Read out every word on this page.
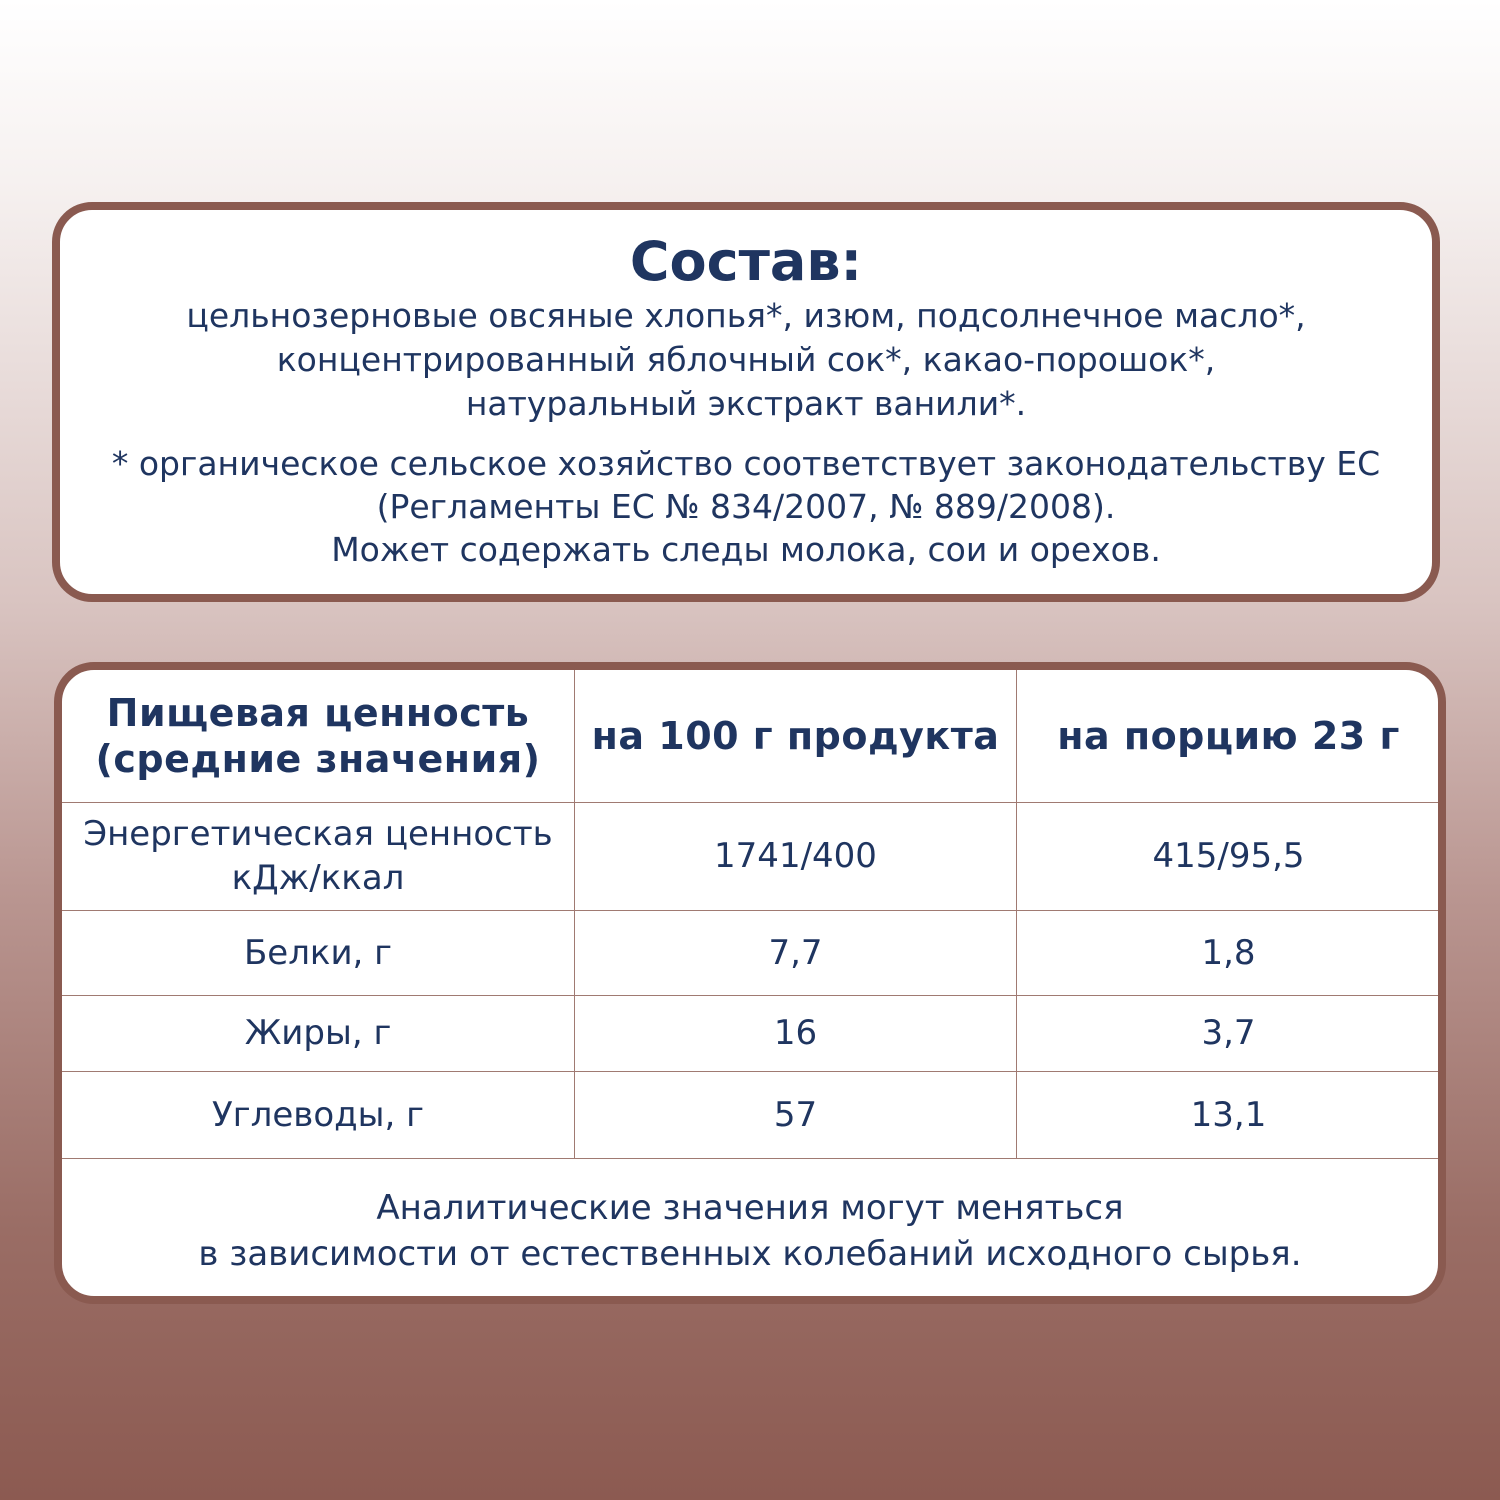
Состав:
цельнозерновые овсяные хлопья*, изюм, подсолнечное масло*,
концентрированный яблочный сок*, какао-порошок*,
натуральный экстракт ванили*.
* органическое сельское хозяйство соответствует законодательству ЕС
(Регламенты ЕС № 834/2007, № 889/2008).
Может содержать следы молока, сои и орехов.
Пищевая ценность
(средние значения)	на 100 г продукта	на порцию 23 г

Энергетическая ценность
кДж/ккал	1741/400	415/95,5
Белки, г	7,7	1,8
Жиры, г	16	3,7
Углеводы, г	57	13,1
Аналитические значения могут меняться
в зависимости от естественных колебаний исходного сырья.
